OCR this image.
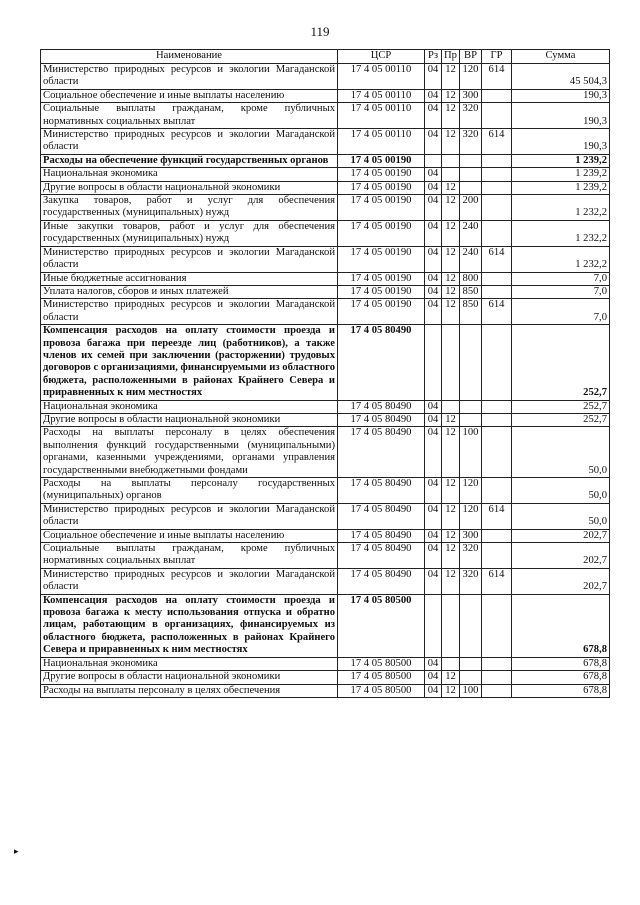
119
Наименование	ЦСР	Рз	Пр	ВР	ГР	Сумма
Министерство природных ресурсов и экологии Магаданской области	17 4 05 00110	04	12	120	614	45 504,3
Социальное обеспечение и иные выплаты населению	17 4 05 00110	04	12	300		190,3
Социальные выплаты гражданам, кроме публичных нормативных социальных выплат	17 4 05 00110	04	12	320		190,3
Министерство природных ресурсов и экологии Магаданской области	17 4 05 00110	04	12	320	614	190,3
Расходы на обеспечение функций государственных органов	17 4 05 00190					1 239,2
Национальная экономика	17 4 05 00190	04				1 239,2
Другие вопросы в области национальной экономики	17 4 05 00190	04	12			1 239,2
Закупка товаров, работ и услуг для обеспечения государственных (муниципальных) нужд	17 4 05 00190	04	12	200		1 232,2
Иные закупки товаров, работ и услуг для обеспечения государственных (муниципальных) нужд	17 4 05 00190	04	12	240		1 232,2
Министерство природных ресурсов и экологии Магаданской области	17 4 05 00190	04	12	240	614	1 232,2
Иные бюджетные ассигнования	17 4 05 00190	04	12	800		7,0
Уплата налогов, сборов и иных платежей	17 4 05 00190	04	12	850		7,0
Министерство природных ресурсов и экологии Магаданской области	17 4 05 00190	04	12	850	614	7,0
Компенсация расходов на оплату стоимости проезда и провоза багажа при переезде лиц (работников), а также членов их семей при заключении (расторжении) трудовых договоров с организациями, финансируемыми из областного бюджета, расположенными в районах Крайнего Севера и приравненных к ним местностях	17 4 05 80490					252,7
Национальная экономика	17 4 05 80490	04				252,7
Другие вопросы в области национальной экономики	17 4 05 80490	04	12			252,7
Расходы на выплаты персоналу в целях обеспечения выполнения функций государственными (муниципальными) органами, казенными учреждениями, органами управления государственными внебюджетными фондами	17 4 05 80490	04	12	100		50,0
Расходы на выплаты персоналу государственных (муниципальных) органов	17 4 05 80490	04	12	120		50,0
Министерство природных ресурсов и экологии Магаданской области	17 4 05 80490	04	12	120	614	50,0
Социальное обеспечение и иные выплаты населению	17 4 05 80490	04	12	300		202,7
Социальные выплаты гражданам, кроме публичных нормативных социальных выплат	17 4 05 80490	04	12	320		202,7
Министерство природных ресурсов и экологии Магаданской области	17 4 05 80490	04	12	320	614	202,7
Компенсация расходов на оплату стоимости проезда и провоза багажа к месту использования отпуска и обратно лицам, работающим в организациях, финансируемых из областного бюджета, расположенных в районах Крайнего Севера и приравненных к ним местностях	17 4 05 80500					678,8
Национальная экономика	17 4 05 80500	04				678,8
Другие вопросы в области национальной экономики	17 4 05 80500	04	12			678,8
Расходы на выплаты персоналу в целях обеспечения	17 4 05 80500	04	12	100		678,8
▸
